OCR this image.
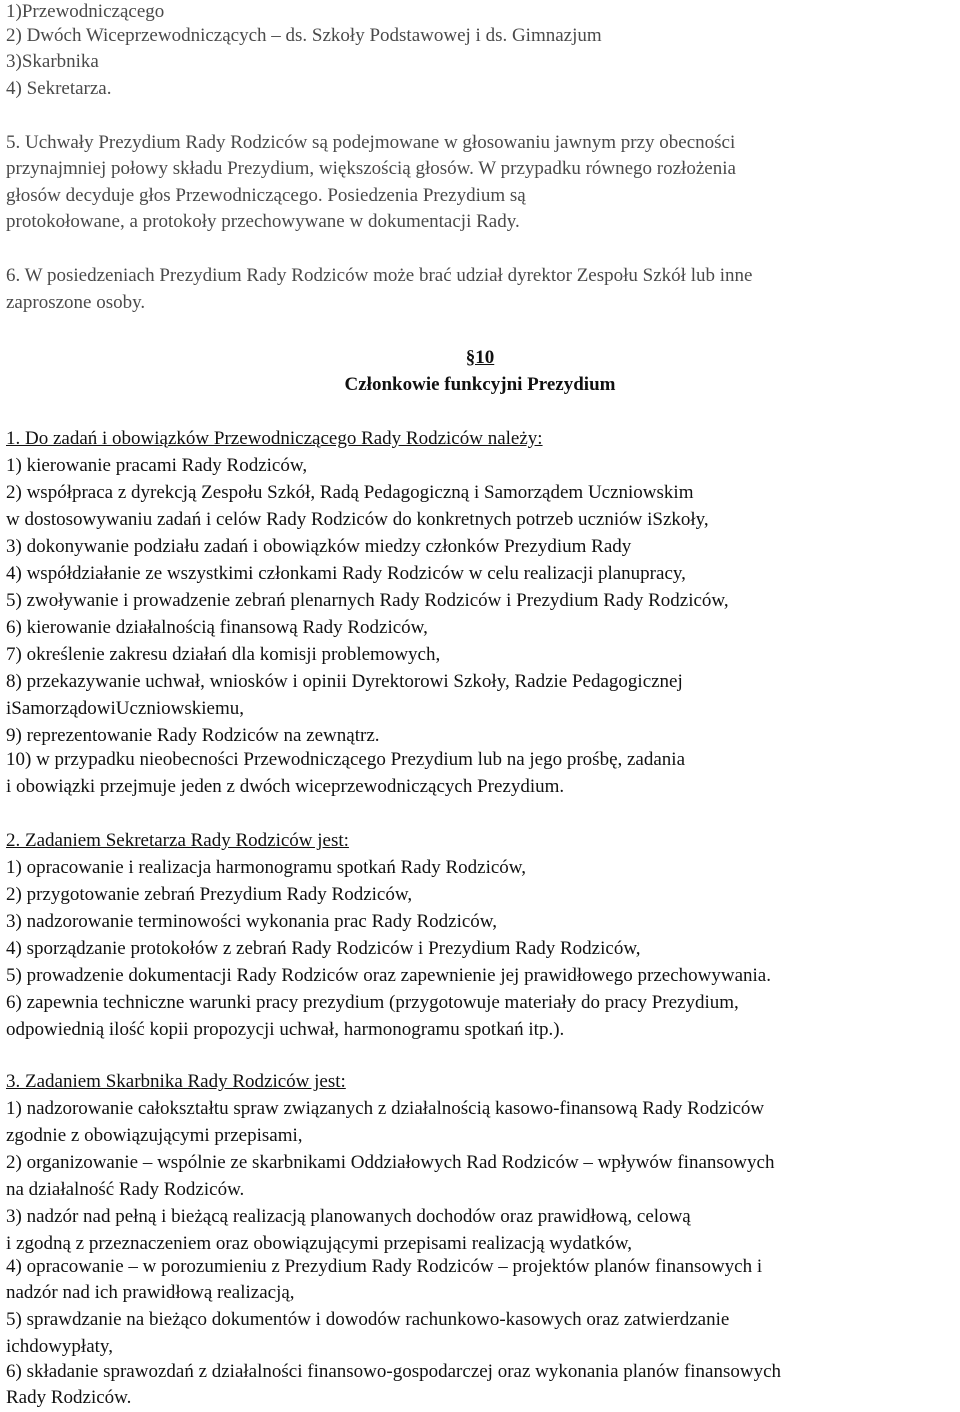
1)Przewodniczącego
2) Dwóch Wiceprzewodniczących – ds. Szkoły Podstawowej i ds. Gimnazjum
3)Skarbnika
4) Sekretarza.
5. Uchwały Prezydium Rady Rodziców są podejmowane w głosowaniu jawnym przy obecności
przynajmniej połowy składu Prezydium, większością głosów. W przypadku równego rozłożenia
głosów decyduje głos Przewodniczącego. Posiedzenia Prezydium są
protokołowane, a protokoły przechowywane w dokumentacji Rady.
6. W posiedzeniach Prezydium Rady Rodziców może brać udział dyrektor Zespołu Szkół lub inne
zaproszone osoby.
§10
Członkowie funkcyjni Prezydium
1. Do zadań i obowiązków Przewodniczącego Rady Rodziców należy:
1) kierowanie pracami Rady Rodziców,
2) współpraca z dyrekcją Zespołu Szkół, Radą Pedagogiczną i Samorządem Uczniowskim
w dostosowywaniu zadań i celów Rady Rodziców do konkretnych potrzeb uczniów iSzkoły,
3) dokonywanie podziału zadań i obowiązków miedzy członków Prezydium Rady
4) współdziałanie ze wszystkimi członkami Rady Rodziców w celu realizacji planupracy,
5) zwoływanie i prowadzenie zebrań plenarnych Rady Rodziców i Prezydium Rady Rodziców,
6) kierowanie działalnością finansową Rady Rodziców,
7) określenie zakresu działań dla komisji problemowych,
8) przekazywanie uchwał, wniosków i opinii Dyrektorowi Szkoły, Radzie Pedagogicznej
iSamorządowiUczniowskiemu,
9) reprezentowanie Rady Rodziców na zewnątrz.
10) w przypadku nieobecności Przewodniczącego Prezydium lub na jego prośbę, zadania
i obowiązki przejmuje jeden z dwóch wiceprzewodniczących Prezydium.
2. Zadaniem Sekretarza Rady Rodziców jest:
1) opracowanie i realizacja harmonogramu spotkań Rady Rodziców,
2) przygotowanie zebrań Prezydium Rady Rodziców,
3) nadzorowanie terminowości wykonania prac Rady Rodziców,
4) sporządzanie protokołów z zebrań Rady Rodziców i Prezydium Rady Rodziców,
5) prowadzenie dokumentacji Rady Rodziców oraz zapewnienie jej prawidłowego przechowywania.
6) zapewnia techniczne warunki pracy prezydium (przygotowuje materiały do pracy Prezydium,
odpowiednią ilość kopii propozycji uchwał, harmonogramu spotkań itp.).
3. Zadaniem Skarbnika Rady Rodziców jest:
1) nadzorowanie całokształtu spraw związanych z działalnością kasowo-finansową Rady Rodziców
zgodnie z obowiązującymi przepisami,
2) organizowanie – wspólnie ze skarbnikami Oddziałowych Rad Rodziców – wpływów finansowych
na działalność Rady Rodziców.
3) nadzór nad pełną i bieżącą realizacją planowanych dochodów oraz prawidłową, celową
i zgodną z przeznaczeniem oraz obowiązującymi przepisami realizacją wydatków,
4) opracowanie – w porozumieniu z Prezydium Rady Rodziców – projektów planów finansowych i
nadzór nad ich prawidłową realizacją,
5) sprawdzanie na bieżąco dokumentów i dowodów rachunkowo-kasowych oraz zatwierdzanie
ichdowypłaty,
6) składanie sprawozdań z działalności finansowo-gospodarczej oraz wykonania planów finansowych
Rady Rodziców.
